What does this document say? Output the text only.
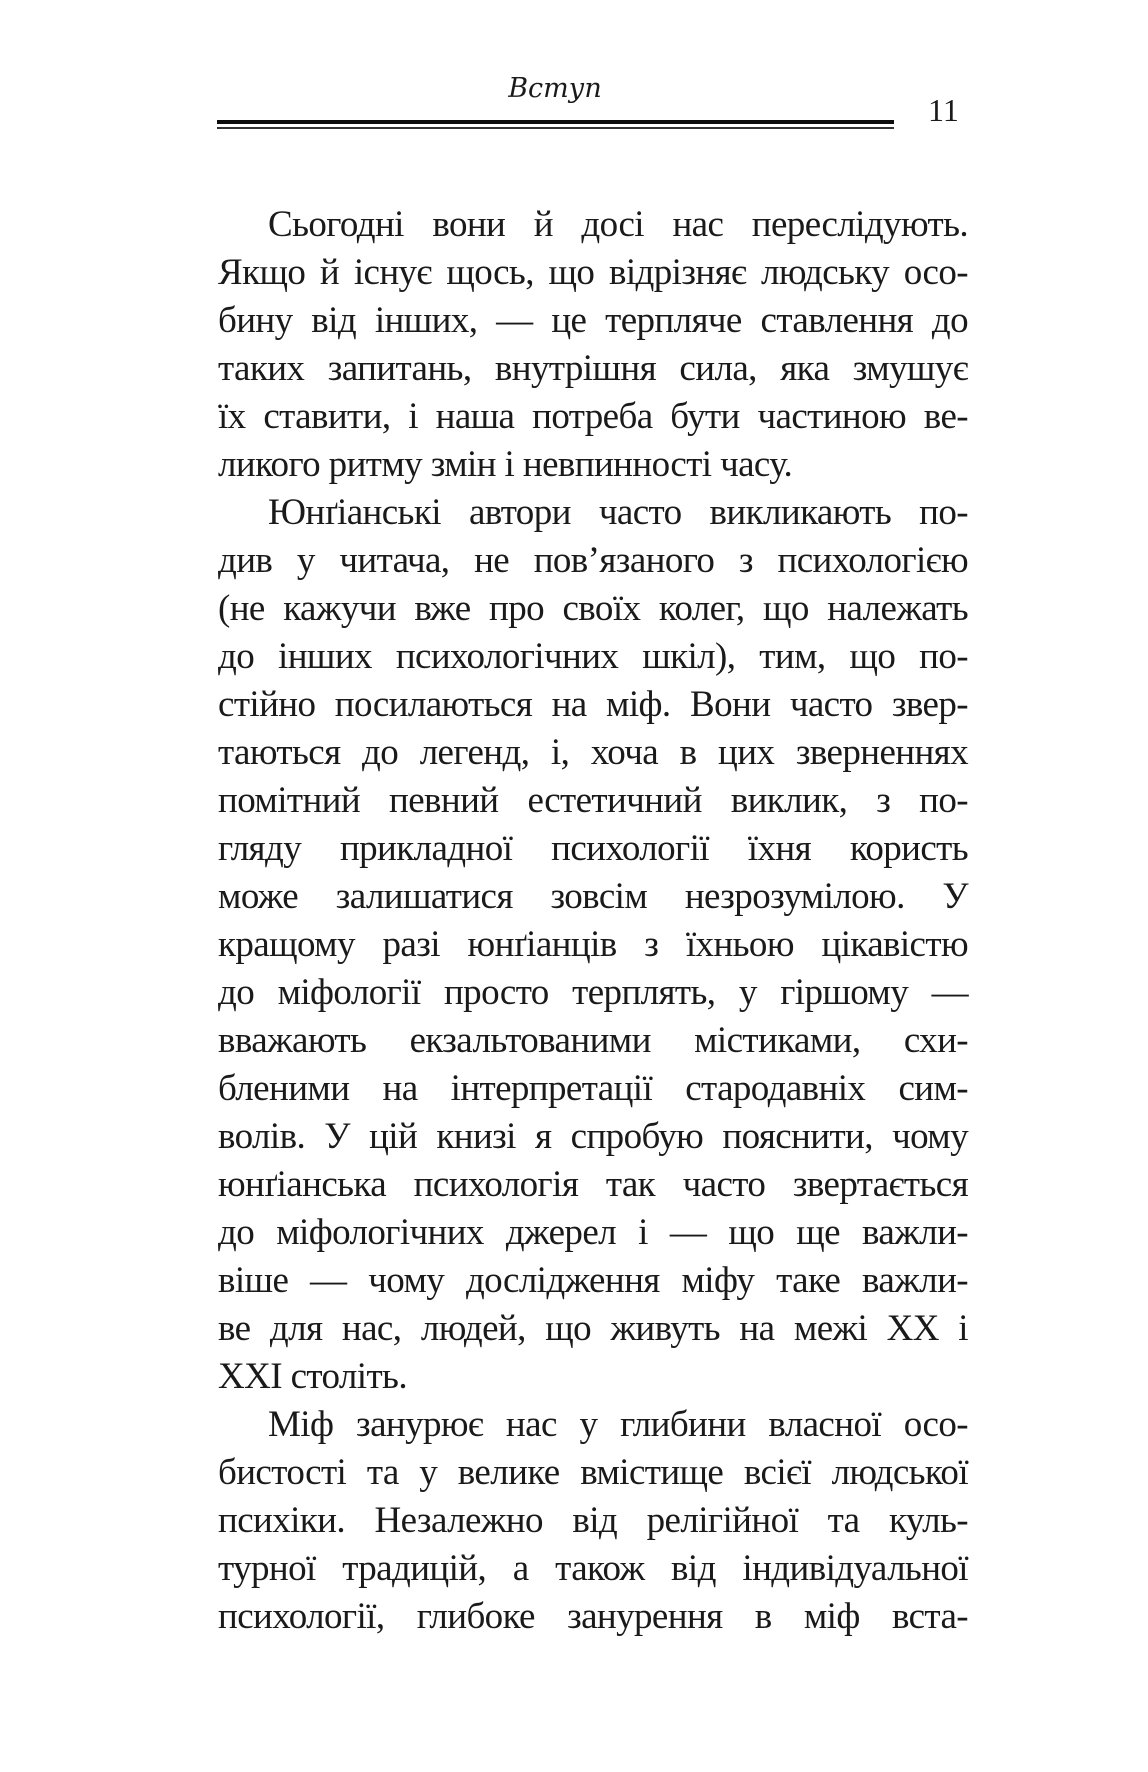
Вступ
11
Сьогодні вони й досі нас переслідують.
Якщо й існує щось, що відрізняє людську осо-
бину від інших, — це терпляче ставлення до
таких запитань, внутрішня сила, яка змушує
їх ставити, і наша потреба бути частиною ве-
ликого ритму змін і невпинності часу.
Юнґіанські автори часто викликають по-
див у читача, не пов’язаного з психологією
(не кажучи вже про своїх колег, що належать
до інших психологічних шкіл), тим, що по-
стійно посилаються на міф. Вони часто звер-
таються до легенд, і, хоча в цих зверненнях
помітний певний естетичний виклик, з по-
гляду прикладної психології їхня користь
може залишатися зовсім незрозумілою. У
кращому разі юнґіанців з їхньою цікавістю
до міфології просто терплять, у гіршому —
вважають екзальтованими містиками, схи-
бленими на інтерпретації стародавніх сим-
волів. У цій книзі я спробую пояснити, чому
юнґіанська психологія так часто звертається
до міфологічних джерел і — що ще важли-
віше — чому дослідження міфу таке важли-
ве для нас, людей, що живуть на межі XX і
XXI століть.
Міф занурює нас у глибини власної осо-
бистості та у велике вмістище всієї людської
психіки. Незалежно від релігійної та куль-
турної традицій, а також від індивідуальної
психології, глибоке занурення в міф вста-
